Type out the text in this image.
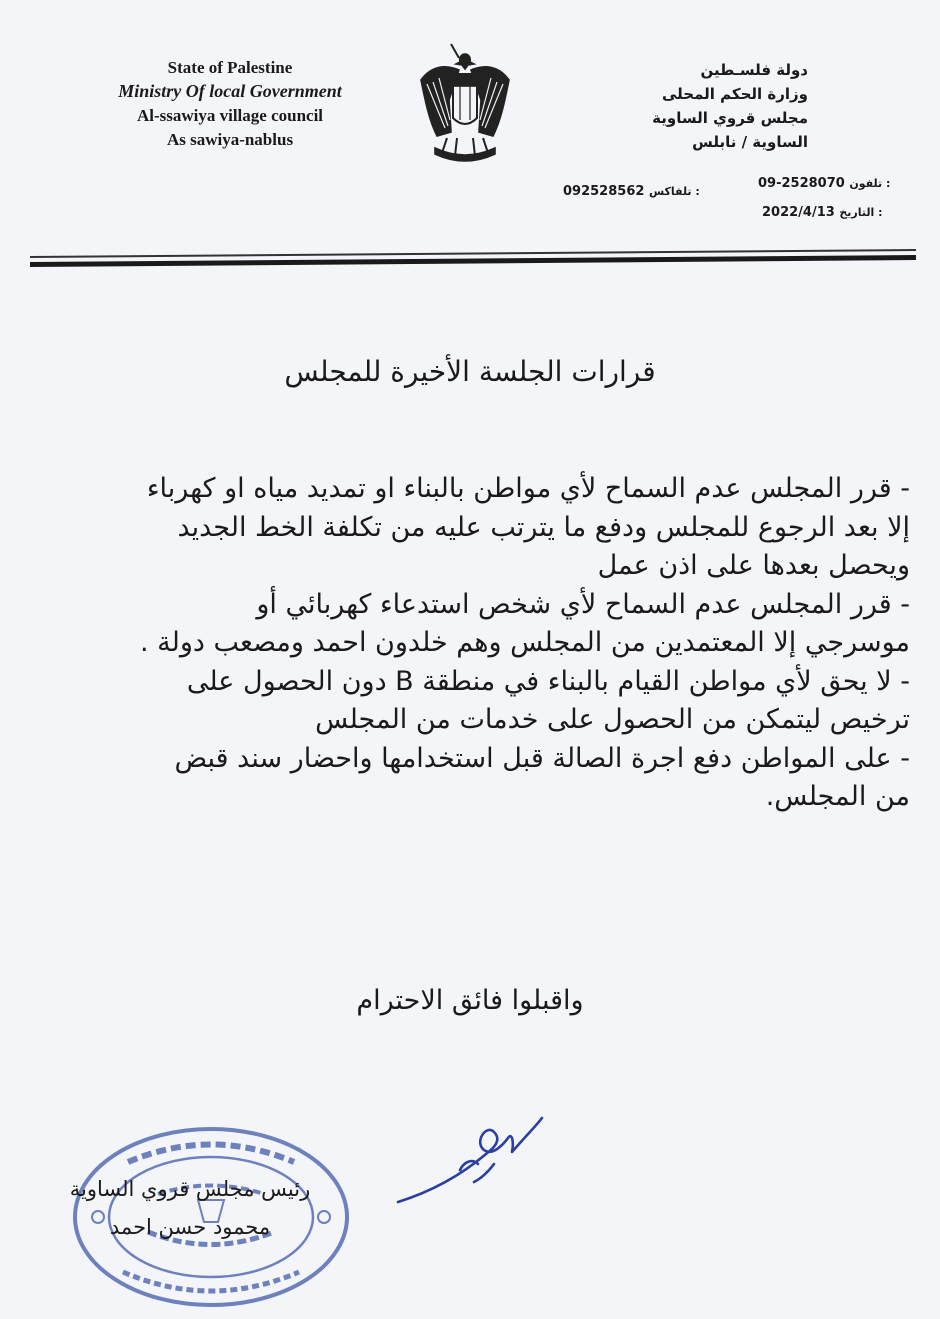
State of Palestine
Ministry Of local Government
Al-ssawiya village council
As sawiya-nablus
دولة فلسـطين
وزارة الحكم المحلى
مجلس قروي الساوية
الساوية / نابلس
09-2528070 تلفون :
092528562 تلفاكس :
2022/4/13 التاريخ :
قرارات الجلسة الأخيرة للمجلس
- قرر المجلس عدم السماح لأي مواطن بالبناء او تمديد مياه او كهرباء
إلا بعد الرجوع للمجلس ودفع ما يترتب عليه من تكلفة الخط الجديد
ويحصل بعدها على اذن عمل
- قرر المجلس عدم السماح لأي شخص استدعاء كهربائي أو
موسرجي إلا المعتمدين من المجلس وهم خلدون احمد ومصعب دولة .
- لا يحق لأي مواطن القيام بالبناء في منطقة B دون الحصول على
ترخيص ليتمكن من الحصول على خدمات من المجلس
- على المواطن دفع اجرة الصالة قبل استخدامها واحضار سند قبض
من المجلس.
واقبلوا فائق الاحترام
رئيس مجلس قروي الساوية
محمود حسن احمد
